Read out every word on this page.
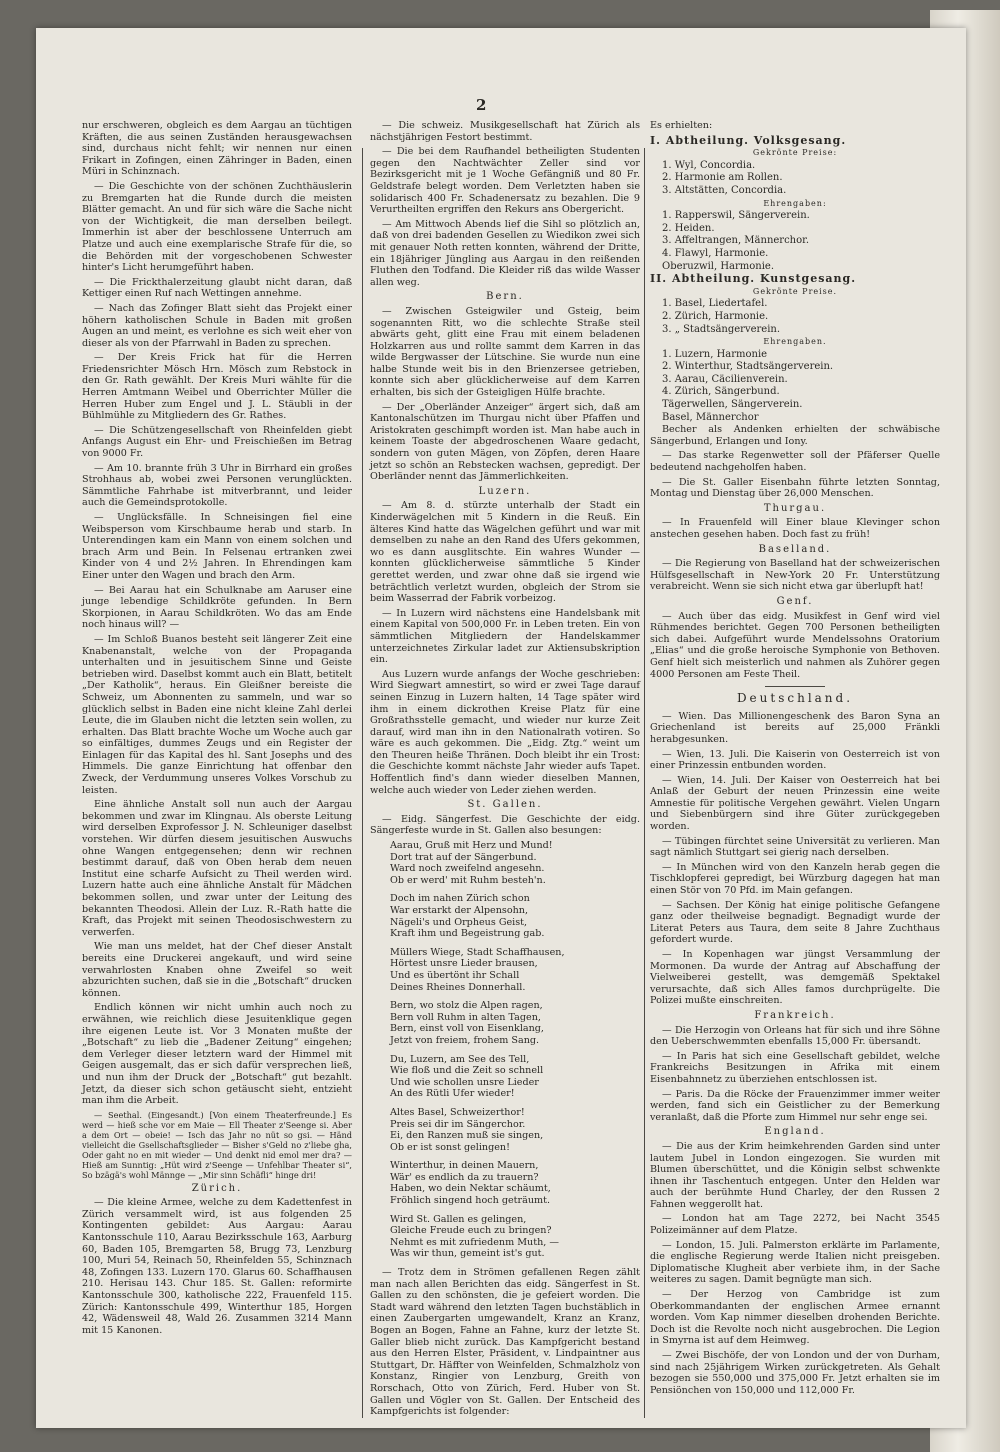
2

nur erschweren, obgleich es dem Aargau an tüchtigen Kräften, die aus seinen Zuständen herausgewachsen sind, durchaus nicht fehlt; wir nennen nur einen Frikart in Zofingen, einen Zähringer in Baden, einen Müri in Schinznach.

— Die Geschichte von der schönen Zuchthäuslerin zu Bremgarten hat die Runde durch die meisten Blätter gemacht. An und für sich wäre die Sache nicht von der Wichtigkeit, die man derselben beilegt. Immerhin ist aber der beschlossene Unterruch am Platze und auch eine exemplarische Strafe für die, so die Behörden mit der vorgeschobenen Schwester hinter's Licht herumgeführt haben.

— Die Frickthalerzeitung glaubt nicht daran, daß Kettiger einen Ruf nach Wettingen annehme.

— Nach das Zofinger Blatt sieht das Projekt einer höhern katholischen Schule in Baden mit großen Augen an und meint, es verlohne es sich weit eher von dieser als von der Pfarrwahl in Baden zu sprechen.

— Der Kreis Frick hat für die Herren Friedensrichter Mösch Hrn. Mösch zum Rebstock in den Gr. Rath gewählt. Der Kreis Muri wählte für die Herren Amtmann Weibel und Oberrichter Müller die Herren Huber zum Engel und J. L. Stäubli in der Bühlmühle zu Mitgliedern des Gr. Rathes.

— Die Schützengesellschaft von Rheinfelden giebt Anfangs August ein Ehr- und Freischießen im Betrag von 9000 Fr.

— Am 10. brannte früh 3 Uhr in Birrhard ein großes Strohhaus ab, wobei zwei Personen verunglückten. Sämmtliche Fahrhabe ist mitverbrannt, und leider auch die Gemeindsprotokolle.

— Unglücksfälle. In Schneisingen fiel eine Weibsperson vom Kirschbaume herab und starb. In Unterendingen kam ein Mann von einem solchen und brach Arm und Bein. In Felsenau ertranken zwei Kinder von 4 und 2½ Jahren. In Ehrendingen kam Einer unter den Wagen und brach den Arm.

— Bei Aarau hat ein Schulknabe am Aaruser eine junge lebendige Schildkröte gefunden. In Bern Skorpionen, in Aarau Schildkröten. Wo das am Ende noch hinaus will? —

— Im Schloß Buanos besteht seit längerer Zeit eine Knabenanstalt, welche von der Propaganda unterhalten und in jesuitischem Sinne und Geiste betrieben wird. Daselbst kommt auch ein Blatt, betitelt „Der Katholik“, heraus. Ein Gleißner bereiste die Schweiz, um Abonnenten zu sammeln, und war so glücklich selbst in Baden eine nicht kleine Zahl derlei Leute, die im Glauben nicht die letzten sein wollen, zu erhalten. Das Blatt brachte Woche um Woche auch gar so einfältiges, dummes Zeugs und ein Register der Einlagen für das Kapital des hl. Sant Josephs und des Himmels. Die ganze Einrichtung hat offenbar den Zweck, der Verdummung unseres Volkes Vorschub zu leisten.

Eine ähnliche Anstalt soll nun auch der Aargau bekommen und zwar im Klingnau. Als oberste Leitung wird derselben Exprofessor J. N. Schleuniger daselbst vorstehen. Wir dürfen diesem jesuitischen Auswuchs ohne Wangen entgegensehen; denn wir rechnen bestimmt darauf, daß von Oben herab dem neuen Institut eine scharfe Aufsicht zu Theil werden wird. Luzern hatte auch eine ähnliche Anstalt für Mädchen bekommen sollen, und zwar unter der Leitung des bekannten Theodosi. Allein der Luz. R.-Rath hatte die Kraft, das Projekt mit seinen Theodosischwestern zu verwerfen.

Wie man uns meldet, hat der Chef dieser Anstalt bereits eine Druckerei angekauft, und wird seine verwahrlosten Knaben ohne Zweifel so weit abzurichten suchen, daß sie in die „Botschaft“ drucken können.

Endlich können wir nicht umhin auch noch zu erwähnen, wie reichlich diese Jesuitenklique gegen ihre eigenen Leute ist. Vor 3 Monaten mußte der „Botschaft“ zu lieb die „Badener Zeitung“ eingehen; dem Verleger dieser letztern ward der Himmel mit Geigen ausgemalt, das er sich dafür versprechen ließ, und nun ihm der Druck der „Botschaft“ gut bezahlt. Jetzt, da dieser sich schon getäuscht sieht, entzieht man ihm die Arbeit.

— Seethal. (Eingesandt.) [Von einem Theaterfreunde.] Es werd — hieß sche vor em Maie — Ell Theater z'Seenge si. Aber a dem Ort — obeie! — Isch das Jahr no nüt so gsi. — Händ vielleicht die Gsellschaftsglieder — Bisher s'Geld no z'liebe gha, Oder gaht no en mit wieder — Und denkt nid emol mer dra? — Hieß am Sunntig: „Hüt wird z'Seenge — Unfehlbar Theater si“, So bzägä's wohl Männge — „Mir sinn Schäfli“ hinge dri!

Zürich.

— Die kleine Armee, welche zu dem Kadettenfest in Zürich versammelt wird, ist aus folgenden 25 Kontingenten gebildet: Aus Aargau: Aarau Kantonsschule 110, Aarau Bezirksschule 163, Aarburg 60, Baden 105, Bremgarten 58, Brugg 73, Lenzburg 100, Muri 54, Reinach 50, Rheinfelden 55, Schinznach 48, Zofingen 133. Luzern 170. Glarus 60. Schaffhausen 210. Herisau 143. Chur 185. St. Gallen: reformirte Kantonsschule 300, katholische 222, Frauenfeld 115. Zürich: Kantonsschule 499, Winterthur 185, Horgen 42, Wädensweil 48, Wald 26. Zusammen 3214 Mann mit 15 Kanonen.

— Die schweiz. Musikgesellschaft hat Zürich als nächstjährigen Festort bestimmt.

— Die bei dem Raufhandel betheiligten Studenten gegen den Nachtwächter Zeller sind vor Bezirksgericht mit je 1 Woche Gefängniß und 80 Fr. Geldstrafe belegt worden. Dem Verletzten haben sie solidarisch 400 Fr. Schadenersatz zu bezahlen. Die 9 Verurtheilten ergriffen den Rekurs ans Obergericht.

— Am Mittwoch Abends lief die Sihl so plötzlich an, daß von drei badenden Gesellen zu Wiedikon zwei sich mit genauer Noth retten konnten, während der Dritte, ein 18jähriger Jüngling aus Aargau in den reißenden Fluthen den Todfand. Die Kleider riß das wilde Wasser allen weg.

Bern.

— Zwischen Gsteigwiler und Gsteig, beim sogenannten Ritt, wo die schlechte Straße steil abwärts geht, glitt eine Frau mit einem beladenen Holzkarren aus und rollte sammt dem Karren in das wilde Bergwasser der Lütschine. Sie wurde nun eine halbe Stunde weit bis in den Brienzersee getrieben, konnte sich aber glücklicherweise auf dem Karren erhalten, bis sich der Gsteigligen Hülfe brachte.

— Der „Oberländer Anzeiger“ ärgert sich, daß am Kantonalschützen im Thurgau nicht über Pfaffen und Aristokraten geschimpft worden ist. Man habe auch in keinem Toaste der abgedroschenen Waare gedacht, sondern von guten Mägen, von Zöpfen, deren Haare jetzt so schön an Rebstecken wachsen, gepredigt. Der Oberländer nennt das Jämmerlichkeiten.

Luzern.

— Am 8. d. stürzte unterhalb der Stadt ein Kinderwägelchen mit 5 Kindern in die Reuß. Ein älteres Kind hatte das Wägelchen geführt und war mit demselben zu nahe an den Rand des Ufers gekommen, wo es dann ausglitschte. Ein wahres Wunder — konnten glücklicherweise sämmtliche 5 Kinder gerettet werden, und zwar ohne daß sie irgend wie beträchtlich verletzt wurden, obgleich der Strom sie beim Wasserrad der Fabrik vorbeizog.

— In Luzern wird nächstens eine Handelsbank mit einem Kapital von 500,000 Fr. in Leben treten. Ein von sämmtlichen Mitgliedern der Handelskammer unterzeichnetes Zirkular ladet zur Aktiensubskription ein.

Aus Luzern wurde anfangs der Woche geschrieben: Wird Siegwart amnestirt, so wird er zwei Tage darauf seinen Einzug in Luzern halten, 14 Tage später wird ihm in einem dickrothen Kreise Platz für eine Großrathsstelle gemacht, und wieder nur kurze Zeit darauf, wird man ihn in den Nationalrath votiren. So wäre es auch gekommen. Die „Eidg. Ztg.“ weint um den Theuren heiße Thränen. Doch bleibt ihr ein Trost: die Geschichte kommt nächste Jahr wieder aufs Tapet. Hoffentlich find's dann wieder dieselben Mannen, welche auch wieder von Leder ziehen werden.

St. Gallen.

— Eidg. Sängerfest. Die Geschichte der eidg. Sängerfeste wurde in St. Gallen also besungen:

Aarau, Gruß mit Herz und Mund!
Dort trat auf der Sängerbund.
Ward noch zweifelnd angesehn.
Ob er werd' mit Ruhm besteh'n.
Doch im nahen Zürich schon
War erstarkt der Alpensohn,
Nägeli's und Orpheus Geist,
Kraft ihm und Begeistrung gab.
Müllers Wiege, Stadt Schaffhausen,
Hörtest unsre Lieder brausen,
Und es übertönt ihr Schall
Deines Rheines Donnerhall.
Bern, wo stolz die Alpen ragen,
Bern voll Ruhm in alten Tagen,
Bern, einst voll von Eisenklang,
Jetzt von freiem, frohem Sang.
Du, Luzern, am See des Tell,
Wie floß und die Zeit so schnell
Und wie schollen unsre Lieder
An des Rütli Ufer wieder!
Altes Basel, Schweizerthor!
Preis sei dir im Sängerchor.
Ei, den Ranzen muß sie singen,
Ob er ist sonst gelingen!
Winterthur, in deinen Mauern,
Wär' es endlich da zu trauern?
Haben, wo dein Nektar schäumt,
Fröhlich singend hoch geträumt.
Wird St. Gallen es gelingen,
Gleiche Freude euch zu bringen?
Nehmt es mit zufriedenm Muth, —
Was wir thun, gemeint ist's gut.

— Trotz dem in Strömen gefallenen Regen zählt man nach allen Berichten das eidg. Sängerfest in St. Gallen zu den schönsten, die je gefeiert worden. Die Stadt ward während den letzten Tagen buchstäblich in einen Zaubergarten umgewandelt, Kranz an Kranz, Bogen an Bogen, Fahne an Fahne, kurz der letzte St. Galler blieb nicht zurück. Das Kampfgericht bestand aus den Herren Elster, Präsident, v. Lindpaintner aus Stuttgart, Dr. Häffter von Weinfelden, Schmalzholz von Konstanz, Ringier von Lenzburg, Greith von Rorschach, Otto von Zürich, Ferd. Huber von St. Gallen und Vögler von St. Gallen. Der Entscheid des Kampfgerichts ist folgender:

Es erhielten:

I. Abtheilung. Volksgesang.
Gekrönte Preise:
1. Wyl, Concordia.
2. Harmonie am Rollen.
3. Altstätten, Concordia.
Ehrengaben:
1. Rapperswil, Sängerverein.
2. Heiden.
3. Affeltrangen, Männerchor.
4. Flawyl, Harmonie.
Oberuzwil, Harmonie.
II. Abtheilung. Kunstgesang.
Gekrönte Preise.
1. Basel, Liedertafel.
2. Zürich, Harmonie.
3. „ Stadtsängerverein.
Ehrengaben.
1. Luzern, Harmonie
2. Winterthur, Stadtsängerverein.
3. Aarau, Cäcilienverein.
4. Zürich, Sängerbund.
Tägerwellen, Sängerverein.
Basel, Männerchor

Becher als Andenken erhielten der schwäbische Sängerbund, Erlangen und Iony.

— Das starke Regenwetter soll der Pfäferser Quelle bedeutend nachgeholfen haben.

— Die St. Galler Eisenbahn führte letzten Sonntag, Montag und Dienstag über 26,000 Menschen.

Thurgau.

— In Frauenfeld will Einer blaue Klevinger schon anstechen gesehen haben. Doch fast zu früh!

Baselland.

— Die Regierung von Baselland hat der schweizerischen Hülfsgesellschaft in New-York 20 Fr. Unterstützung verabreicht. Wenn sie sich nicht etwa gar überlupft hat!

Genf.

— Auch über das eidg. Musikfest in Genf wird viel Rühmendes berichtet. Gegen 700 Personen betheiligten sich dabei. Aufgeführt wurde Mendelssohns Oratorium „Elias“ und die große heroische Symphonie von Bethoven. Genf hielt sich meisterlich und nahmen als Zuhörer gegen 4000 Personen am Feste Theil.

Deutschland.

— Wien. Das Millionengeschenk des Baron Syna an Griechenland ist bereits auf 25,000 Fränkli herabgesunken.

— Wien, 13. Juli. Die Kaiserin von Oesterreich ist von einer Prinzessin entbunden worden.

— Wien, 14. Juli. Der Kaiser von Oesterreich hat bei Anlaß der Geburt der neuen Prinzessin eine weite Amnestie für politische Vergehen gewährt. Vielen Ungarn und Siebenbürgern sind ihre Güter zurückgegeben worden.

— Tübingen fürchtet seine Universität zu verlieren. Man sagt nämlich Stuttgart sei gierig nach derselben.

— In München wird von den Kanzeln herab gegen die Tischklopferei gepredigt, bei Würzburg dagegen hat man einen Stör von 70 Pfd. im Main gefangen.

— Sachsen. Der König hat einige politische Gefangene ganz oder theilweise begnadigt. Begnadigt wurde der Literat Peters aus Taura, dem seite 8 Jahre Zuchthaus gefordert wurde.

— In Kopenhagen war jüngst Versammlung der Mormonen. Da wurde der Antrag auf Abschaffung der Vielweiberei gestellt, was demgemäß Spektakel verursachte, daß sich Alles famos durchprügelte. Die Polizei mußte einschreiten.

Frankreich.

— Die Herzogin von Orleans hat für sich und ihre Söhne den Ueberschwemmten ebenfalls 15,000 Fr. übersandt.

— In Paris hat sich eine Gesellschaft gebildet, welche Frankreichs Besitzungen in Afrika mit einem Eisenbahnnetz zu überziehen entschlossen ist.

— Paris. Da die Röcke der Frauenzimmer immer weiter werden, fand sich ein Geistlicher zu der Bemerkung veranlaßt, daß die Pforte zum Himmel nur sehr enge sei.

England.

— Die aus der Krim heimkehrenden Garden sind unter lautem Jubel in London eingezogen. Sie wurden mit Blumen überschüttet, und die Königin selbst schwenkte ihnen ihr Taschentuch entgegen. Unter den Helden war auch der berühmte Hund Charley, der den Russen 2 Fahnen weggerollt hat.

— London hat am Tage 2272, bei Nacht 3545 Polizeimänner auf dem Platze.

— London, 15. Juli. Palmerston erklärte im Parlamente, die englische Regierung werde Italien nicht preisgeben. Diplomatische Klugheit aber verbiete ihm, in der Sache weiteres zu sagen. Damit begnügte man sich.

— Der Herzog von Cambridge ist zum Oberkommandanten der englischen Armee ernannt worden. Vom Kap nimmer dieselben drohenden Berichte. Doch ist die Revolte noch nicht ausgebrochen. Die Legion in Smyrna ist auf dem Heimweg.

— Zwei Bischöfe, der von London und der von Durham, sind nach 25jährigem Wirken zurückgetreten. Als Gehalt bezogen sie 550,000 und 375,000 Fr. Jetzt erhalten sie im Pensiönchen von 150,000 und 112,000 Fr.
